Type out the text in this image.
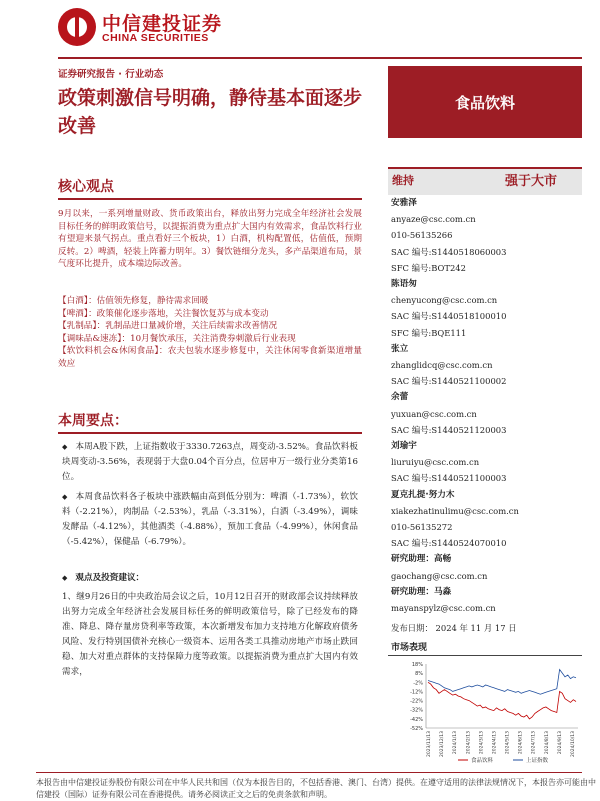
中信建投证券
CHINA SECURITIES
证券研究报告 · 行业动态
政策刺激信号明确，静待基本面逐步改善
食品饮料
核心观点
9月以来，一系列增量财政、货币政策出台，释放出努力完成全年经济社会发展目标任务的鲜明政策信号，以提振消费为重点扩大国内有效需求，食品饮料行业有望迎来景气拐点。重点看好三个板块，1）白酒，机构配置低，估值低，预期反转。2）啤酒，轻装上阵蓄力明年。3）餐饮链细分龙头，多产品渠道布局，景气度环比提升，成本端边际改善。
【白酒】：估值领先修复，静待需求回暖
【啤酒】：政策催化逐步落地，关注餐饮复苏与成本变动
【乳制品】：乳制品进口量减价增，关注后续需求改善情况
【调味品&速冻】：10月餐饮承压，关注消费券刺激后行业表现
【软饮料机会&休闲食品】：农夫包装水逐步修复中，关注休闲零食新渠道增量效应
本周要点：
◆ 本周A股下跌，上证指数收于3330.7263点，周变动-3.52%。食品饮料板块周变动-3.56%，表现弱于大盘0.04个百分点，位居申万一级行业分类第16位。
◆ 本周食品饮料各子板块中涨跌幅由高到低分别为：啤酒（-1.73%），软饮料（-2.21%），肉制品（-2.53%），乳品（-3.31%），白酒（-3.49%），调味发酵品（-4.12%），其他酒类（-4.88%），预加工食品（-4.99%），休闲食品（-5.42%），保健品（-6.79%）。
◆ 观点及投资建议：
1、继9月26日的中央政治局会议之后，10月12日召开的财政部会议持续释放出努力完成全年经济社会发展目标任务的鲜明政策信号，除了已经发布的降准、降息、降存量房贷利率等政策，本次新增发布加力支持地方化解政府债务风险、发行特别国债补充核心一级资本、运用各类工具推动房地产市场止跌回稳、加大对重点群体的支持保障力度等政策。以提振消费为重点扩大国内有效需求，
维持	强于大市
安雅泽
anyaze@csc.com.cn
010-56135266
SAC 编号:S1440518060003
SFC 编号:BOT242
陈语匆
chenyucong@csc.com.cn
SAC 编号:S1440518100010
SFC 编号:BQE111
张立
zhanglidcq@csc.com.cn
SAC 编号:S1440521100002
余蕾
yuxuan@csc.com.cn
SAC 编号:S1440521120003
刘瑜宇
liuruiyu@csc.com.cn
SAC 编号:S1440521100003
夏克扎提·努力木
xiakezhatinulimu@csc.com.cn
010-56135272
SAC 编号:S1440524070010
研究助理：高畅
gaochang@csc.com.cn
研究助理：马淼
mayanspylz@csc.com.cn
发布日期： 2024 年 11 月 17 日
市场表现
18%
8%
-2%
-12%
-22%
-32%
-42%
-52%
2023/11/13 2023/12/13 2024/1/13 2024/2/13 2024/3/13 2024/4/13 2024/5/13 2024/6/13 2024/7/13 2024/8/13 2024/9/13 2024/10/13
食品饮料	上证指数
本报告由中信建投证券股份有限公司在中华人民共和国（仅为本报告目的，不包括香港、澳门、台湾）提供。在遵守适用的法律法规情况下，本报告亦可能由中信建投（国际）证券有限公司在香港提供。请务必阅读正文之后的免责条款和声明。
